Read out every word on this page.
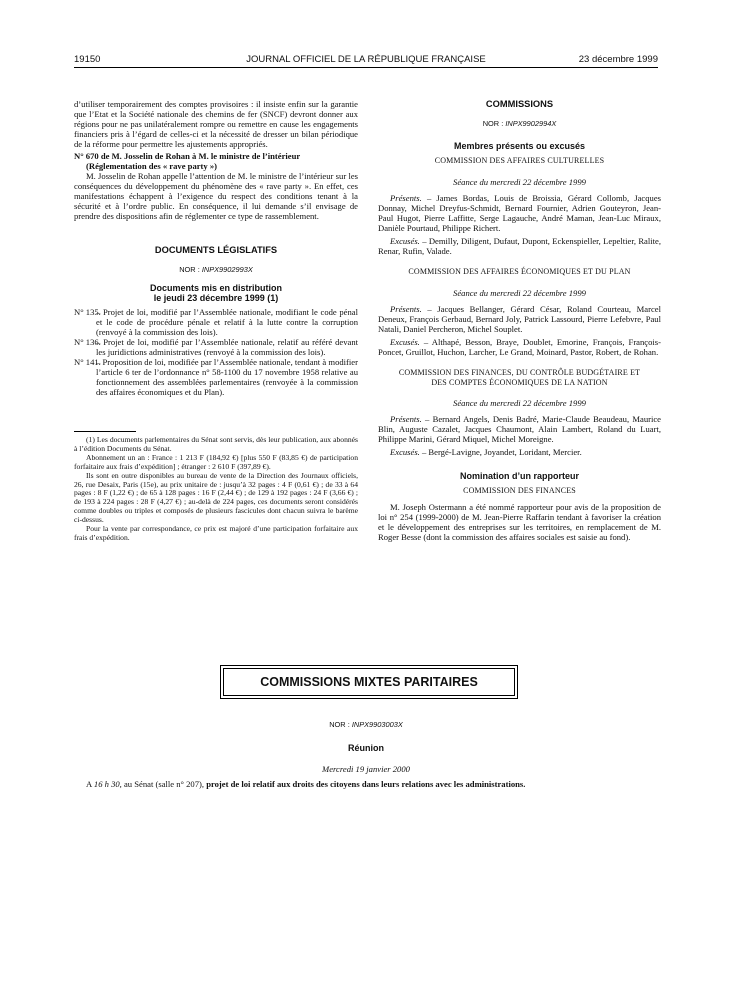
19150	JOURNAL OFFICIEL DE LA RÉPUBLIQUE FRANÇAISE	23 décembre 1999

d’utiliser temporairement des comptes provisoires : il insiste enfin sur la garantie que l’Etat et la Société nationale des chemins de fer (SNCF) devront donner aux régions pour ne pas unilatéralement rompre ou remettre en cause les engagements financiers pris à l’égard de celles-ci et la nécessité de dresser un bilan périodique de la réforme pour permettre les ajustements appropriés.

N° 670 de M. Josselin de Rohan à M. le ministre de l’intérieur (Réglementation des « rave party »)

M. Josselin de Rohan appelle l’attention de M. le ministre de l’intérieur sur les conséquences du développement du phénomène des « rave party ». En effet, ces manifestations échappent à l’exigence du respect des conditions tenant à la sécurité et à l’ordre public. En conséquence, il lui demande s’il envisage de prendre des dispositions afin de réglementer ce type de rassemblement.

DOCUMENTS LÉGISLATIFS

NOR : INPX9902993X

Documents mis en distribution
le jeudi 23 décembre 1999 (1)

N° 135.
– Projet de loi, modifié par l’Assemblée nationale, modifiant le code pénal et le code de procédure pénale et relatif à la lutte contre la corruption (renvoyé à la commission des lois).
N° 136.
– Projet de loi, modifié par l’Assemblée nationale, relatif au référé devant les juridictions administratives (renvoyé à la commission des lois).
N° 141.
– Proposition de loi, modifiée par l’Assemblée nationale, tendant à modifier l’article 6 ter de l’ordonnance n° 58-1100 du 17 novembre 1958 relative au fonctionnement des assemblées parlementaires (renvoyée à la commission des affaires économiques et du Plan).

(1) Les documents parlementaires du Sénat sont servis, dès leur publication, aux abonnés à l’édition Documents du Sénat.

Abonnement un an : France : 1 213 F (184,92 €) [plus 550 F (83,85 €) de participation forfaitaire aux frais d’expédition] ; étranger : 2 610 F (397,89 €).

Ils sont en outre disponibles au bureau de vente de la Direction des Journaux officiels, 26, rue Desaix, Paris (15e), au prix unitaire de : jusqu’à 32 pages : 4 F (0,61 €) ; de 33 à 64 pages : 8 F (1,22 €) ; de 65 à 128 pages : 16 F (2,44 €) ; de 129 à 192 pages : 24 F (3,66 €) ; de 193 à 224 pages : 28 F (4,27 €) ; au-delà de 224 pages, ces documents seront considérés comme doubles ou triples et composés de plusieurs fascicules dont chacun suivra le barème ci-dessus.

Pour la vente par correspondance, ce prix est majoré d’une participation forfaitaire aux frais d’expédition.

COMMISSIONS

NOR : INPX9902994X

Membres présents ou excusés

COMMISSION DES AFFAIRES CULTURELLES

Séance du mercredi 22 décembre 1999

Présents. – James Bordas, Louis de Broissia, Gérard Collomb, Jacques Donnay, Michel Dreyfus-Schmidt, Bernard Fournier, Adrien Gouteyron, Jean-Paul Hugot, Pierre Laffitte, Serge Lagauche, André Maman, Jean-Luc Miraux, Danièle Pourtaud, Philippe Richert.

Excusés. – Demilly, Diligent, Dufaut, Dupont, Eckenspieller, Lepeltier, Ralite, Renar, Rufin, Valade.

COMMISSION DES AFFAIRES ÉCONOMIQUES ET DU PLAN

Séance du mercredi 22 décembre 1999

Présents. – Jacques Bellanger, Gérard César, Roland Courteau, Marcel Deneux, François Gerbaud, Bernard Joly, Patrick Lassourd, Pierre Lefebvre, Paul Natali, Daniel Percheron, Michel Souplet.

Excusés. – Althapé, Besson, Braye, Doublet, Emorine, François, François-Poncet, Gruillot, Huchon, Larcher, Le Grand, Moinard, Pastor, Robert, de Rohan.

COMMISSION DES FINANCES, DU CONTRÔLE BUDGÉTAIRE ET DES COMPTES ÉCONOMIQUES DE LA NATION

Séance du mercredi 22 décembre 1999

Présents. – Bernard Angels, Denis Badré, Marie-Claude Beaudeau, Maurice Blin, Auguste Cazalet, Jacques Chaumont, Alain Lambert, Roland du Luart, Philippe Marini, Gérard Miquel, Michel Moreigne.

Excusés. – Bergé-Lavigne, Joyandet, Loridant, Mercier.

Nomination d’un rapporteur

COMMISSION DES FINANCES

M. Joseph Ostermann a été nommé rapporteur pour avis de la proposition de loi n° 254 (1999-2000) de M. Jean-Pierre Raffarin tendant à favoriser la création et le développement des entreprises sur les territoires, en remplacement de M. Roger Besse (dont la commission des affaires sociales est saisie au fond).

COMMISSIONS MIXTES PARITAIRES

NOR : INPX9903003X

Réunion

Mercredi 19 janvier 2000

A 16 h 30, au Sénat (salle n° 207), projet de loi relatif aux droits des citoyens dans leurs relations avec les administrations.
